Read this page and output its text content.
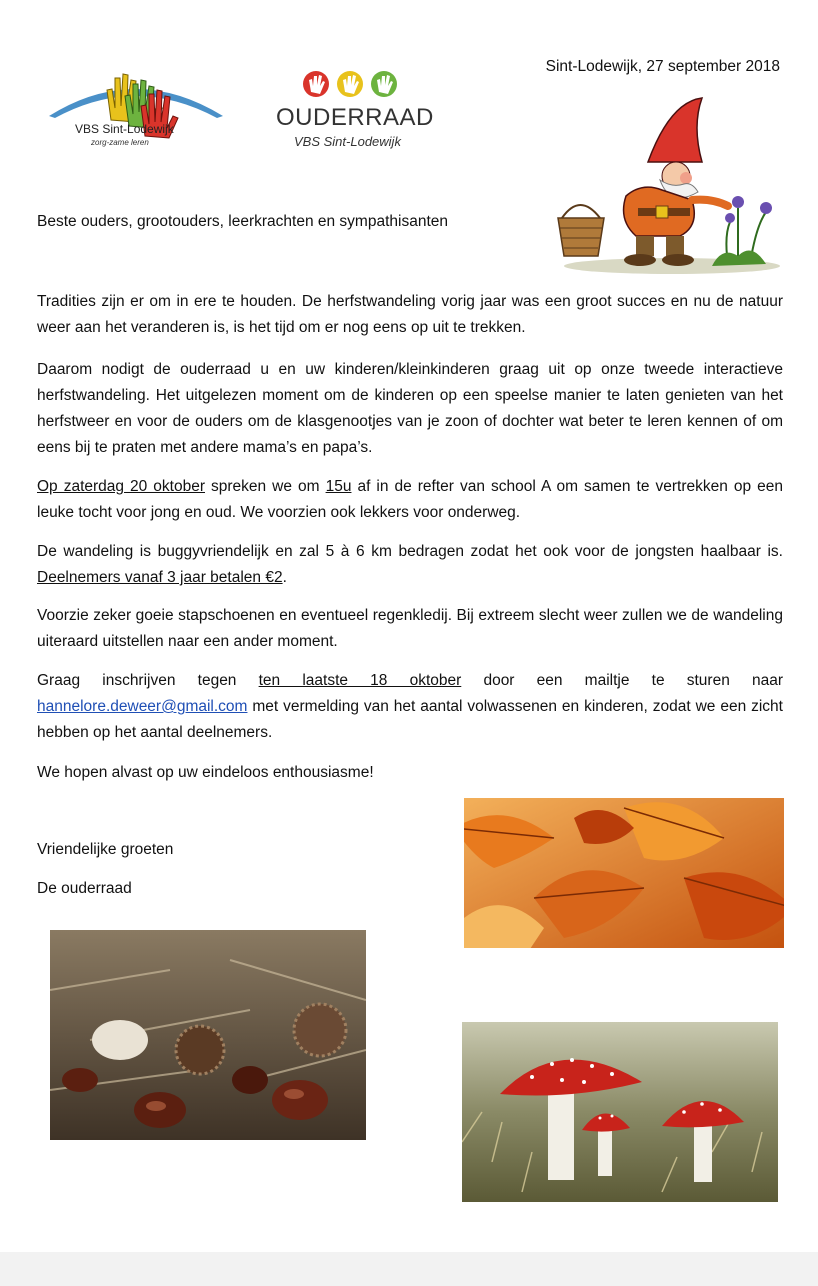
VBS Sint-Lodewijk
zorg-zame leren
OUDERRAAD
VBS Sint-Lodewijk
Sint-Lodewijk, 27 september 2018
Beste ouders, grootouders, leerkrachten en sympathisanten

Tradities zijn er om in ere te houden. De herfstwandeling vorig jaar was een groot succes en nu de natuur weer aan het veranderen is, is het tijd om er nog eens op uit te trekken.

Daarom nodigt de ouderraad u en uw kinderen/kleinkinderen graag uit op onze tweede interactieve herfstwandeling. Het uitgelezen moment om de kinderen op een speelse manier te laten genieten van het herfstweer en voor de ouders om de klasgenootjes van je zoon of dochter wat beter te leren kennen of om eens bij te praten met andere mama’s en papa’s.

Op zaterdag 20 oktober spreken we om 15u af in de refter van school A om samen te vertrekken op een leuke tocht voor jong en oud. We voorzien ook lekkers voor onderweg.

De wandeling is buggyvriendelijk en zal 5 à 6 km bedragen zodat het ook voor de jongsten haalbaar is. Deelnemers vanaf 3 jaar betalen €2.

Voorzie zeker goeie stapschoenen en eventueel regenkledij. Bij extreem slecht weer zullen we de wandeling uiteraard uitstellen naar een ander moment.

Graag inschrijven tegen ten laatste 18 oktober door een mailtje te sturen naar hannelore.deweer@gmail.com met vermelding van het aantal volwassenen en kinderen, zodat we een zicht hebben op het aantal deelnemers.

We hopen alvast op uw eindeloos enthousiasme!

Vriendelijke groeten
De ouderraad
